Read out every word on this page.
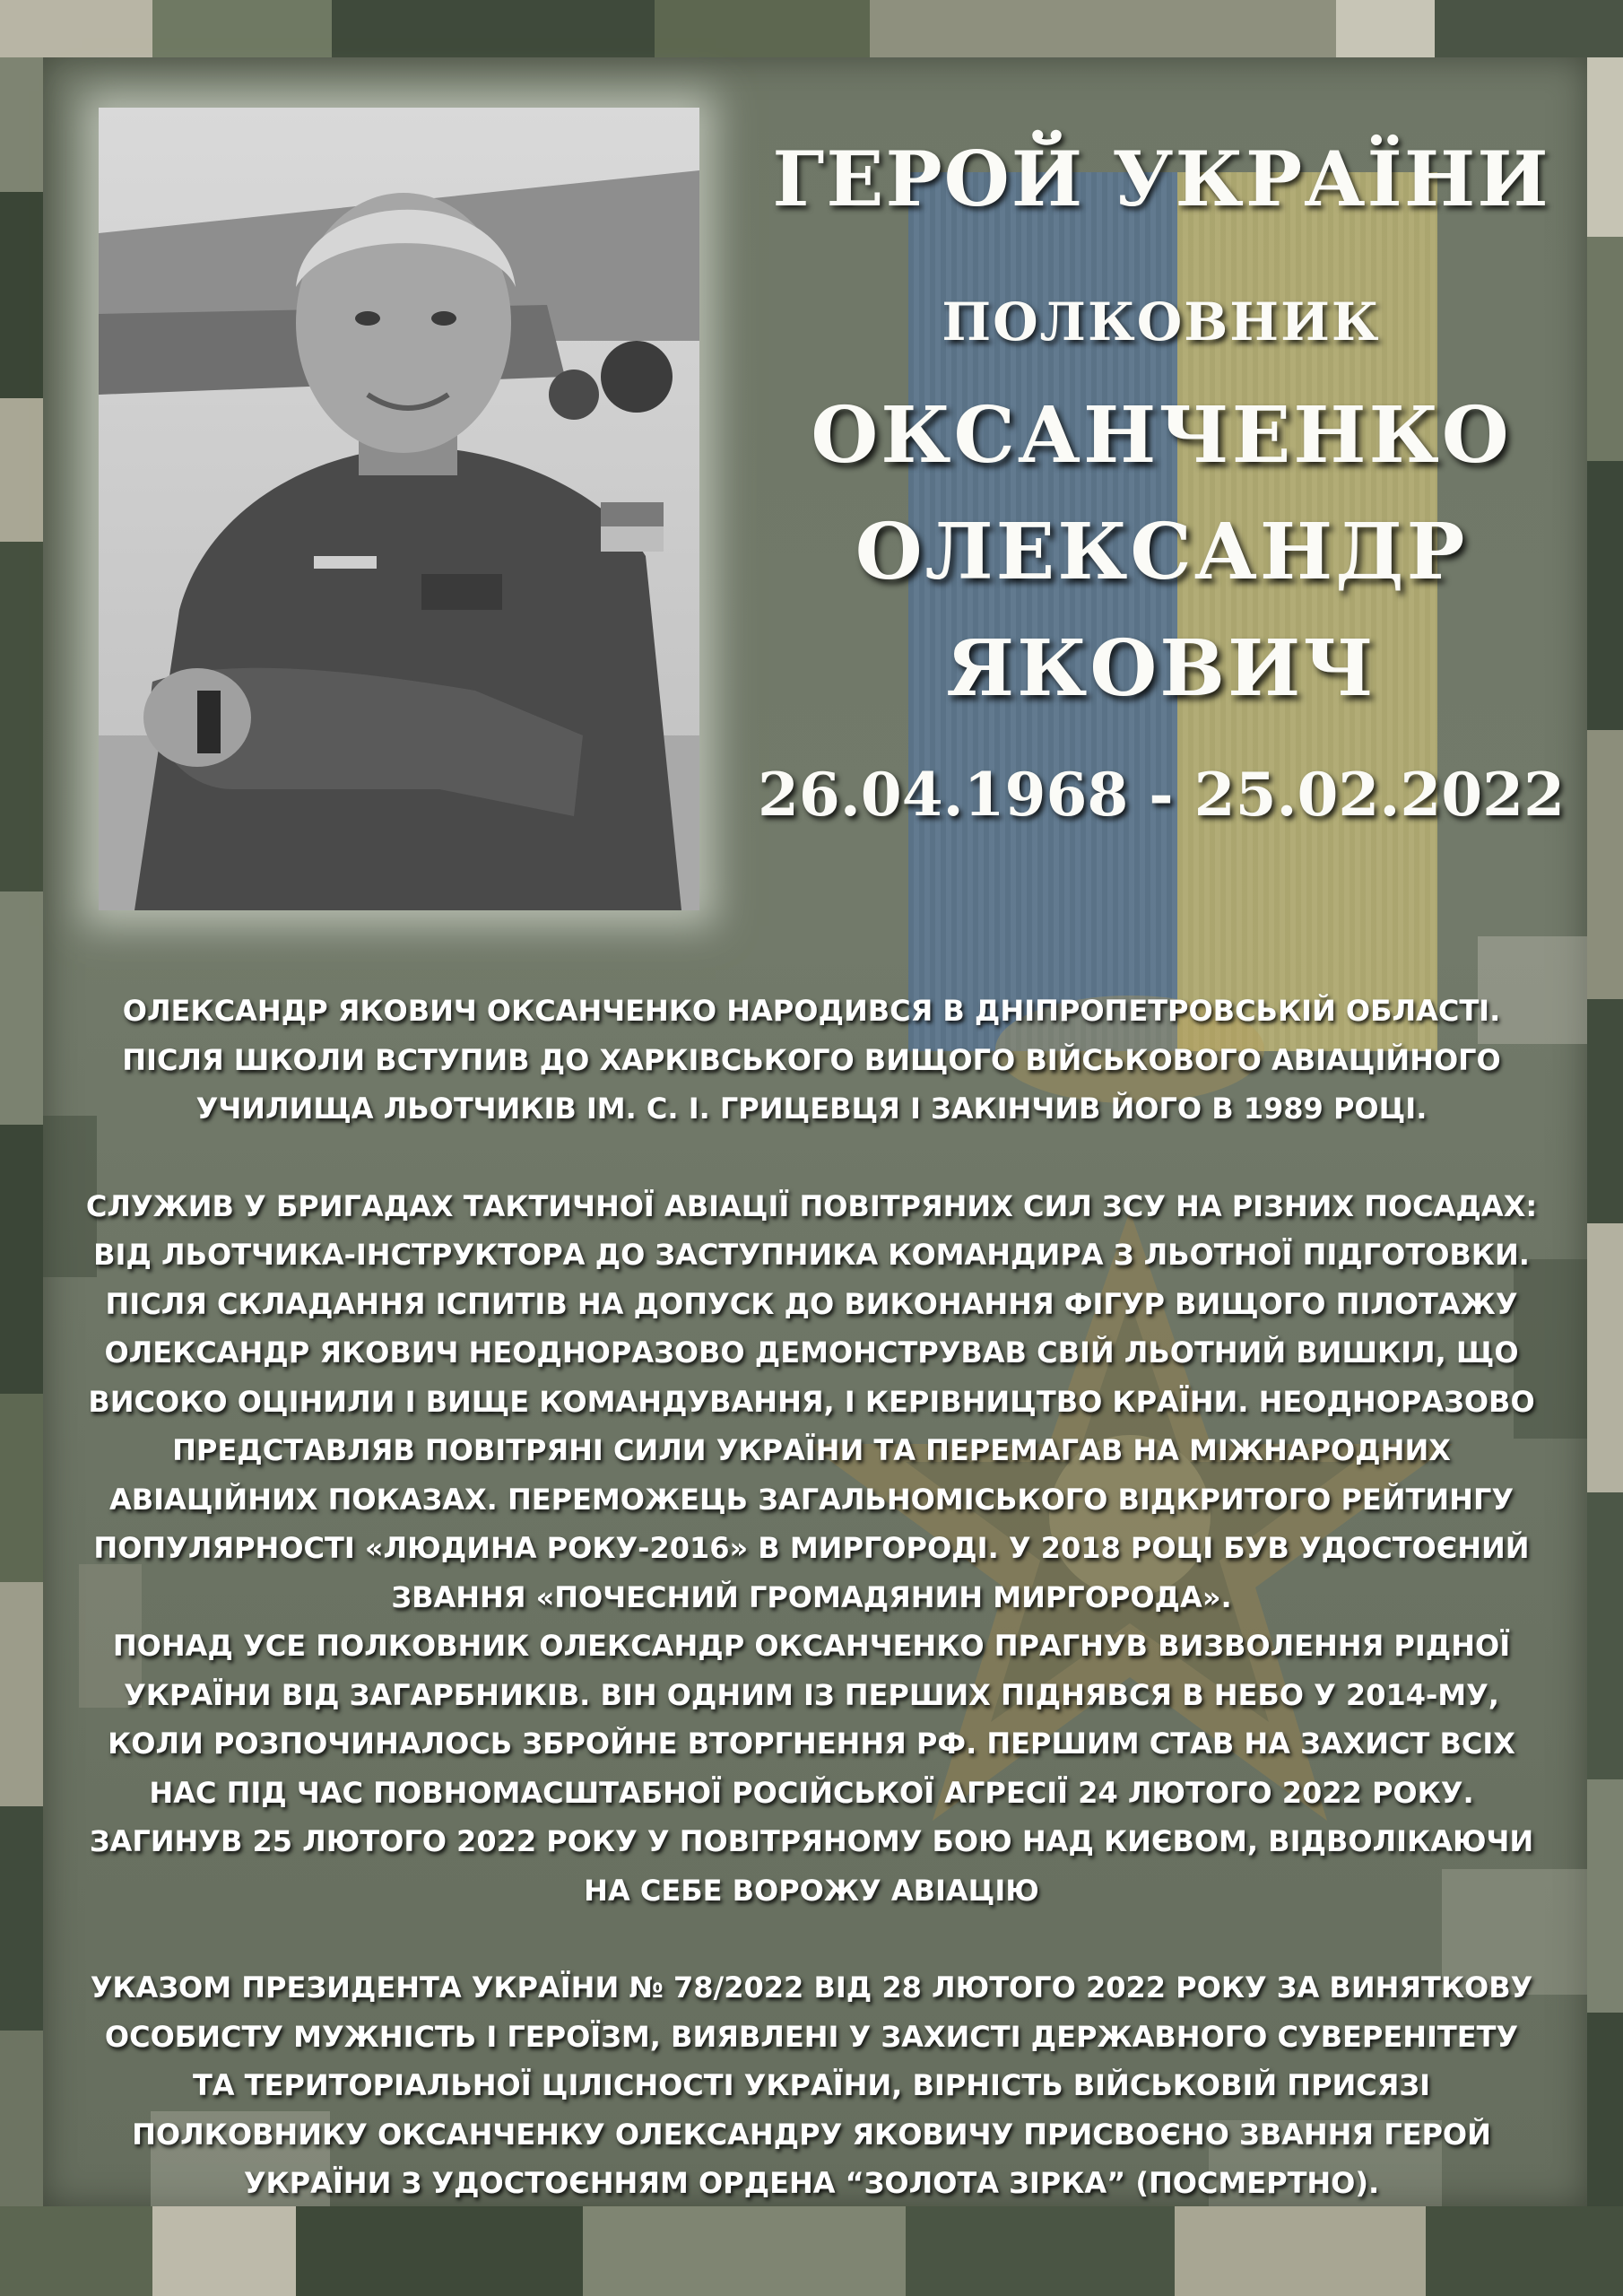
ГЕРОЙ УКРАЇНИ
ПОЛКОВНИК
ОКСАНЧЕНКО
ОЛЕКСАНДР
ЯКОВИЧ
26.04.1968 - 25.02.2022

ОЛЕКСАНДР ЯКОВИЧ ОКСАНЧЕНКО НАРОДИВСЯ В ДНІПРОПЕТРОВСЬКІЙ ОБЛАСТІ. ПІСЛЯ ШКОЛИ ВСТУПИВ ДО ХАРКІВСЬКОГО ВИЩОГО ВІЙСЬКОВОГО АВІАЦІЙНОГО УЧИЛИЩА ЛЬОТЧИКІВ ІМ. С. І. ГРИЦЕВЦЯ І ЗАКІНЧИВ ЙОГО В 1989 РОЦІ.

СЛУЖИВ У БРИГАДАХ ТАКТИЧНОЇ АВІАЦІЇ ПОВІТРЯНИХ СИЛ ЗСУ НА РІЗНИХ ПОСАДАХ: ВІД ЛЬОТЧИКА-ІНСТРУКТОРА ДО ЗАСТУПНИКА КОМАНДИРА З ЛЬОТНОЇ ПІДГОТОВКИ. ПІСЛЯ СКЛАДАННЯ ІСПИТІВ НА ДОПУСК ДО ВИКОНАННЯ ФІГУР ВИЩОГО ПІЛОТАЖУ ОЛЕКСАНДР ЯКОВИЧ НЕОДНОРАЗОВО ДЕМОНСТРУВАВ СВІЙ ЛЬОТНИЙ ВИШКІЛ, ЩО ВИСОКО ОЦІНИЛИ І ВИЩЕ КОМАНДУВАННЯ, І КЕРІВНИЦТВО КРАЇНИ. НЕОДНОРАЗОВО ПРЕДСТАВЛЯВ ПОВІТРЯНІ СИЛИ УКРАЇНИ ТА ПЕРЕМАГАВ НА МІЖНАРОДНИХ АВІАЦІЙНИХ ПОКАЗАХ. ПЕРЕМОЖЕЦЬ ЗАГАЛЬНОМІСЬКОГО ВІДКРИТОГО РЕЙТИНГУ ПОПУЛЯРНОСТІ «ЛЮДИНА РОКУ-2016» В МИРГОРОДІ. У 2018 РОЦІ БУВ УДОСТОЄНИЙ ЗВАННЯ «ПОЧЕСНИЙ ГРОМАДЯНИН МИРГОРОДА».

ПОНАД УСЕ ПОЛКОВНИК ОЛЕКСАНДР ОКСАНЧЕНКО ПРАГНУВ ВИЗВОЛЕННЯ РІДНОЇ УКРАЇНИ ВІД ЗАГАРБНИКІВ. ВІН ОДНИМ ІЗ ПЕРШИХ ПІДНЯВСЯ В НЕБО У 2014-МУ, КОЛИ РОЗПОЧИНАЛОСЬ ЗБРОЙНЕ ВТОРГНЕННЯ РФ. ПЕРШИМ СТАВ НА ЗАХИСТ ВСІХ НАС ПІД ЧАС ПОВНОМАСШТАБНОЇ РОСІЙСЬКОЇ АГРЕСІЇ 24 ЛЮТОГО 2022 РОКУ. ЗАГИНУВ 25 ЛЮТОГО 2022 РОКУ У ПОВІТРЯНОМУ БОЮ НАД КИЄВОМ, ВІДВОЛІКАЮЧИ НА СЕБЕ ВОРОЖУ АВІАЦІЮ

УКАЗОМ ПРЕЗИДЕНТА УКРАЇНИ № 78/2022 ВІД 28 ЛЮТОГО 2022 РОКУ ЗА ВИНЯТКОВУ ОСОБИСТУ МУЖНІСТЬ І ГЕРОЇЗМ, ВИЯВЛЕНІ У ЗАХИСТІ ДЕРЖАВНОГО СУВЕРЕНІТЕТУ ТА ТЕРИТОРІАЛЬНОЇ ЦІЛІСНОСТІ УКРАЇНИ, ВІРНІСТЬ ВІЙСЬКОВІЙ ПРИСЯЗІ ПОЛКОВНИКУ ОКСАНЧЕНКУ ОЛЕКСАНДРУ ЯКОВИЧУ ПРИСВОЄНО ЗВАННЯ ГЕРОЙ УКРАЇНИ З УДОСТОЄННЯМ ОРДЕНА “ЗОЛОТА ЗІРКА” (ПОСМЕРТНО).
